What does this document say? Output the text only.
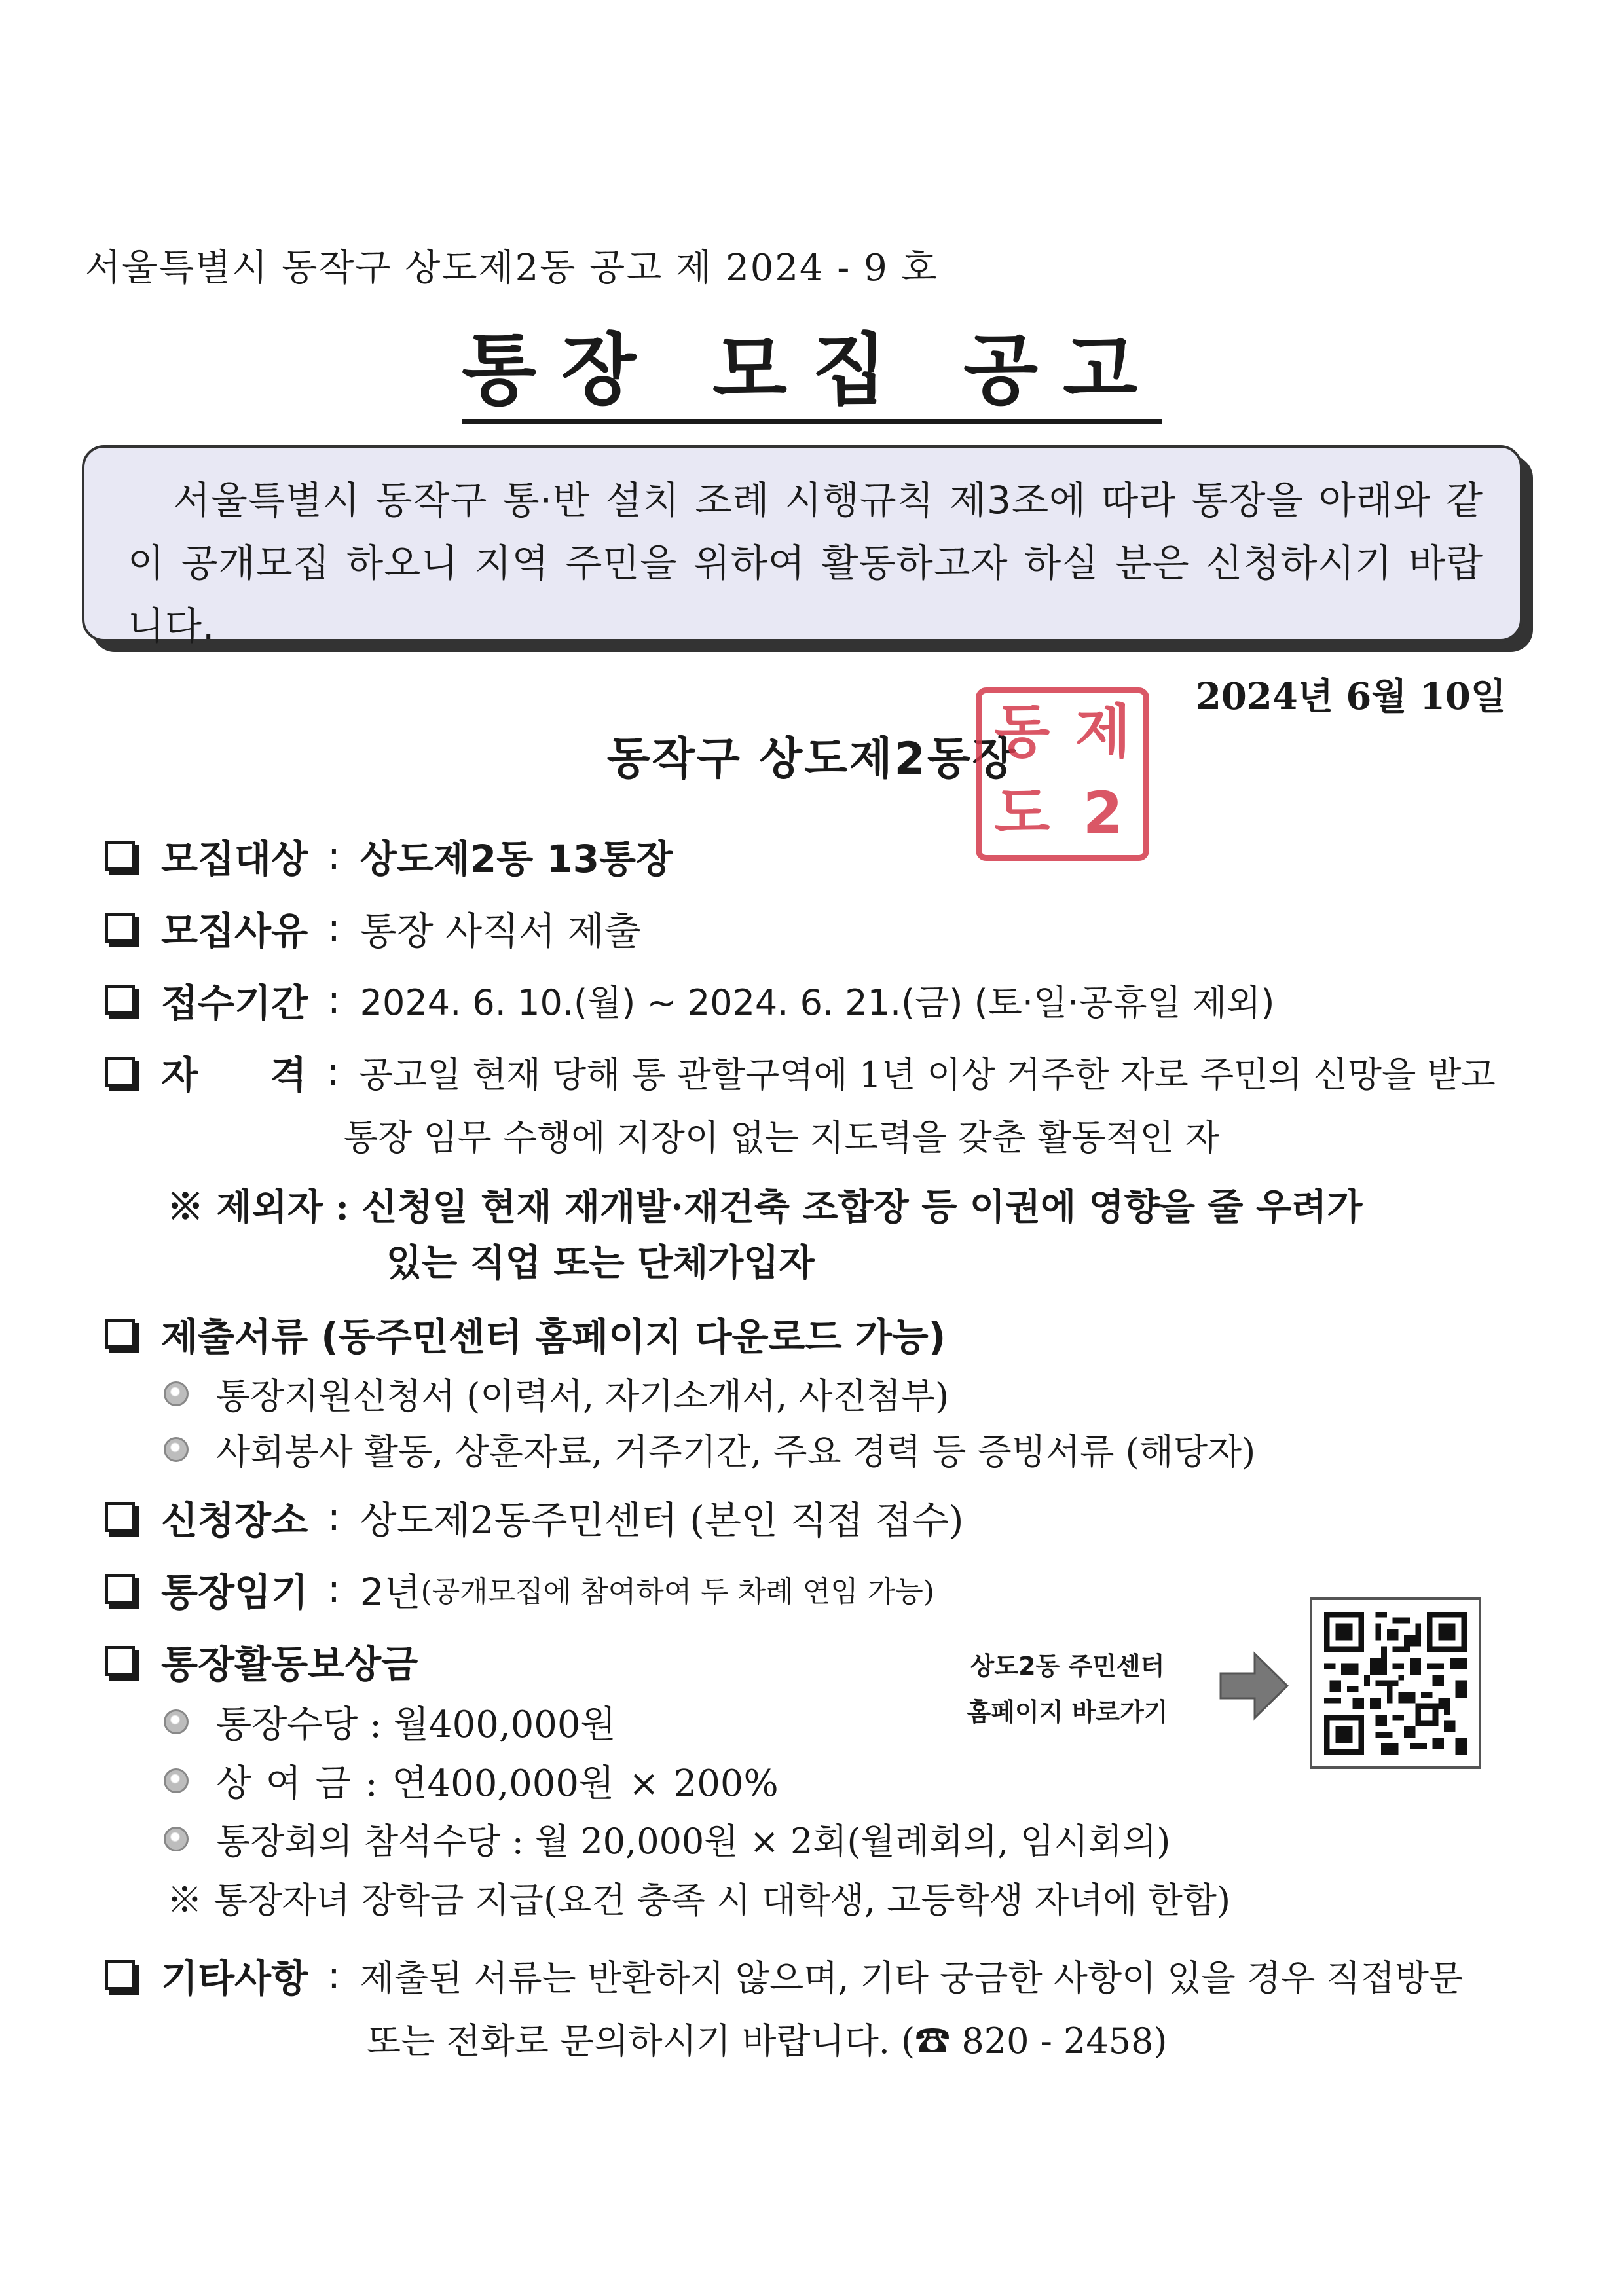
서울특별시 동작구 상도제2동 공고 제 2024 - 9 호
통장 모집 공고
서울특별시 동작구 통·반 설치 조례 시행규칙 제3조에 따라 통장을 아래와 같이 공개모집 하오니 지역 주민을 위하여 활동하고자 하실 분은 신청하시기 바랍니다.
2024년 6월 10일
동작구 상도제2동장
동 제
도 2
모집대상 : 상도제2동 13통장
모집사유 : 통장 사직서 제출
접수기간 : 2024. 6. 10.(월) ~ 2024. 6. 21.(금) (토·일·공휴일 제외)
자 격 : 공고일 현재 당해 통 관할구역에 1년 이상 거주한 자로 주민의 신망을 받고
통장 임무 수행에 지장이 없는 지도력을 갖춘 활동적인 자
※ 제외자 : 신청일 현재 재개발·재건축 조합장 등 이권에 영향을 줄 우려가
있는 직업 또는 단체가입자
제출서류 (동주민센터 홈페이지 다운로드 가능)
통장지원신청서 (이력서, 자기소개서, 사진첨부)
사회봉사 활동, 상훈자료, 거주기간, 주요 경력 등 증빙서류 (해당자)
신청장소 : 상도제2동주민센터 (본인 직접 접수)
통장임기 : 2년 (공개모집에 참여하여 두 차례 연임 가능)
통장활동보상금
통장수당 : 월400,000원
상 여 금 : 연400,000원 × 200%
통장회의 참석수당 : 월 20,000원 × 2회(월례회의, 임시회의)
※ 통장자녀 장학금 지급(요건 충족 시 대학생, 고등학생 자녀에 한함)
기타사항 : 제출된 서류는 반환하지 않으며, 기타 궁금한 사항이 있을 경우 직접방문
또는 전화로 문의하시기 바랍니다. (☎ 820 - 2458)
상도2동 주민센터
홈페이지 바로가기
